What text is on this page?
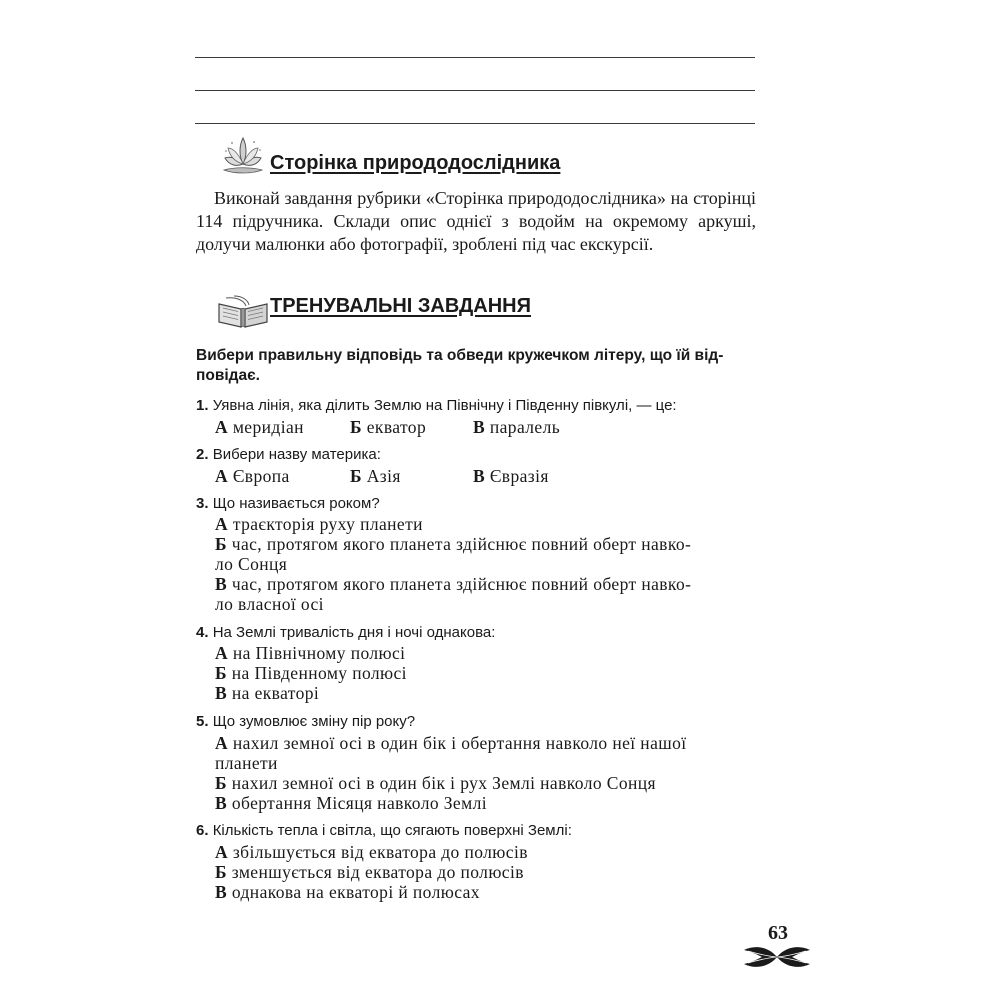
Сторінка природодослідника

Виконай завдання рубрики «Сторінка природодослідника» на сторінці 114 підручника. Склади опис однієї з водойм на окремому аркуші, долучи малюнки або фотографії, зроблені під час екскурсії.

ТРЕНУВАЛЬНІ ЗАВДАННЯ

Вибери правильну відповідь та обведи кружечком літеру, що їй від-
повідає.

1. Уявна лінія, яка ділить Землю на Північну і Південну півкулі, — це:
А меридіан	Б екватор	В паралель
2. Вибери назву материка:
А Європа	Б Азія	В Євразія
3. Що називається роком?
А траєкторія руху планети
Б час, протягом якого планета здійснює повний оберт навко-
ло Сонця
В час, протягом якого планета здійснює повний оберт навко-
ло власної осі
4. На Землі тривалість дня і ночі однакова:
А на Північному полюсі
Б на Південному полюсі
В на екваторі
5. Що зумовлює зміну пір року?
А нахил земної осі в один бік і обертання навколо неї нашої
планети
Б нахил земної осі в один бік і рух Землі навколо Сонця
В обертання Місяця навколо Землі
6. Кількість тепла і світла, що сягають поверхні Землі:
А збільшується від екватора до полюсів
Б зменшується від екватора до полюсів
В однакова на екваторі й полюсах
63
